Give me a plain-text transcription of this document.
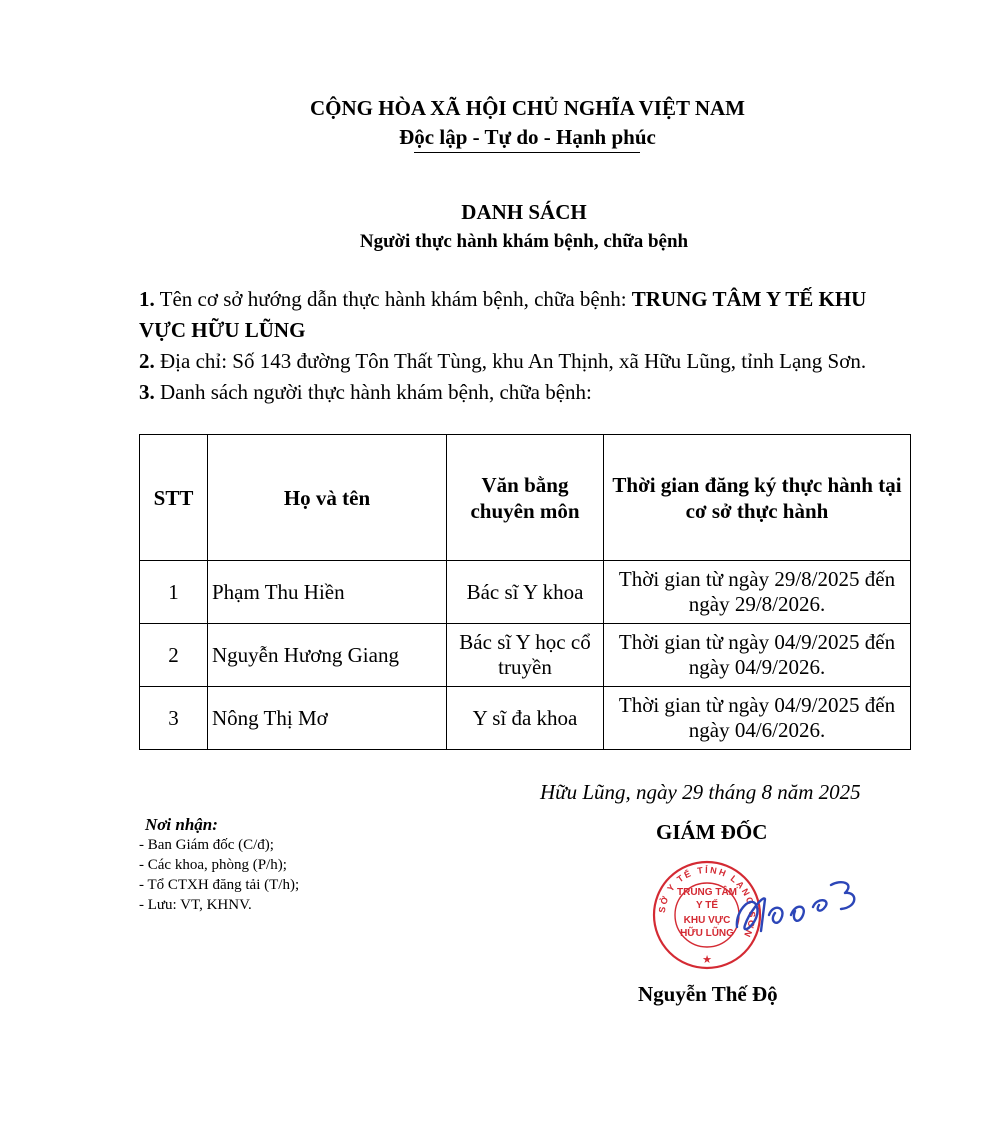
CỘNG HÒA XÃ HỘI CHỦ NGHĨA VIỆT NAM
Độc lập - Tự do - Hạnh phúc
DANH SÁCH
Người thực hành khám bệnh, chữa bệnh
1. Tên cơ sở hướng dẫn thực hành khám bệnh, chữa bệnh: TRUNG TÂM Y TẾ KHU VỰC HỮU LŨNG
2. Địa chỉ: Số 143 đường Tôn Thất Tùng, khu An Thịnh, xã Hữu Lũng, tỉnh Lạng Sơn.
3. Danh sách người thực hành khám bệnh, chữa bệnh:
STT	Họ và tên	Văn bằng chuyên môn	Thời gian đăng ký thực hành tại cơ sở thực hành
1	Phạm Thu Hiền	Bác sĩ Y khoa	Thời gian từ ngày 29/8/2025 đến ngày 29/8/2026.
2	Nguyễn Hương Giang	Bác sĩ Y học cổ truyền	Thời gian từ ngày 04/9/2025 đến ngày 04/9/2026.
3	Nông Thị Mơ	Y sĩ đa khoa	Thời gian từ ngày 04/9/2025 đến ngày 04/6/2026.
Hữu Lũng, ngày 29 tháng 8 năm 2025
Nơi nhận:
- Ban Giám đốc (C/đ);
- Các khoa, phòng (P/h);
- Tổ CTXH đăng tải (T/h);
- Lưu: VT, KHNV.
GIÁM ĐỐC
SỞ Y TẾ TỈNH LẠNG SƠN
TRUNG TÂM
Y TẾ
KHU VỰC
HỮU LŨNG
★
Nguyễn Thế Độ
